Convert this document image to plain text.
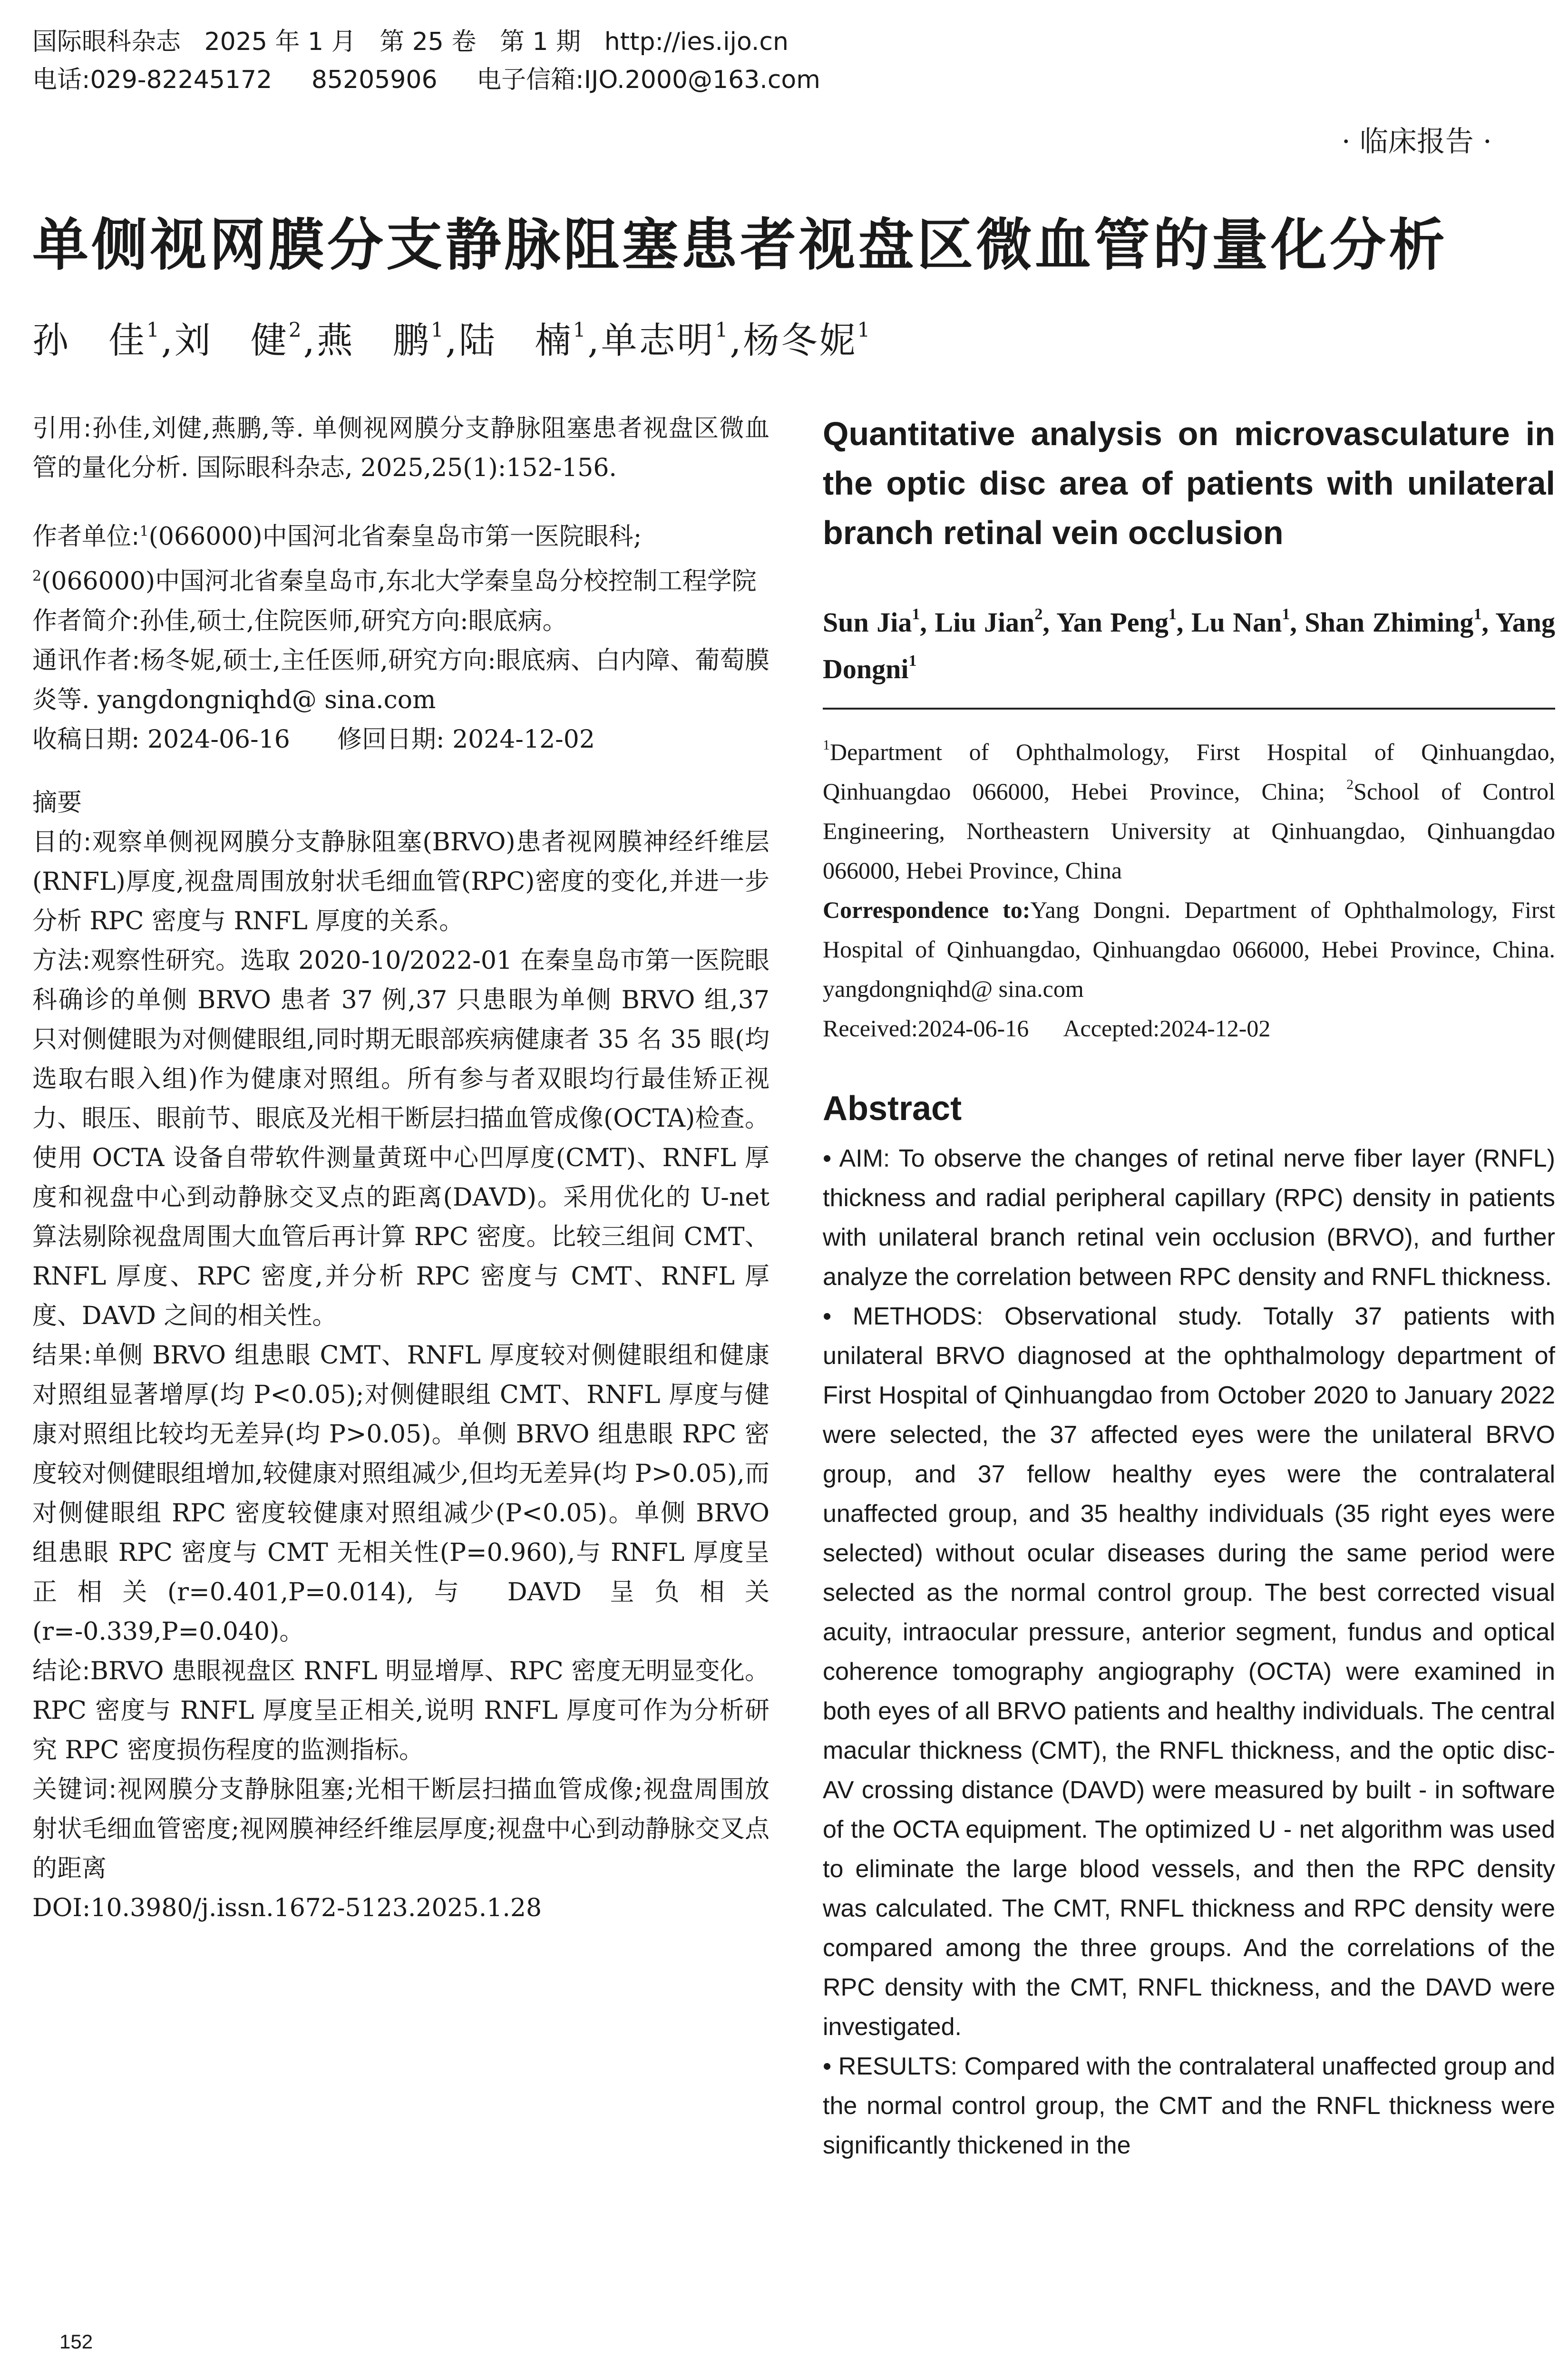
国际眼科杂志   2025 年 1 月   第 25 卷   第 1 期   http://ies.ijo.cn
电话:029-82245172     85205906     电子信箱:IJO.2000@163.com
· 临床报告 ·
单侧视网膜分支静脉阻塞患者视盘区微血管的量化分析
孙　佳$^1$,刘　健$^2$,燕　鹏$^1$,陆　楠$^1$,单志明$^1$,杨冬妮$^1$

引用:孙佳,刘健,燕鹏,等. 单侧视网膜分支静脉阻塞患者视盘区微血管的量化分析. 国际眼科杂志, 2025,25(1):152-156.

作者单位:$^1$(066000)中国河北省秦皇岛市第一医院眼科;
$^2$(066000)中国河北省秦皇岛市,东北大学秦皇岛分校控制工程学院

作者简介:孙佳,硕士,住院医师,研究方向:眼底病。

通讯作者:杨冬妮,硕士,主任医师,研究方向:眼底病、白内障、葡萄膜炎等. yangdongniqhd@ sina.com

收稿日期: 2024-06-16      修回日期: 2024-12-02

摘要

目的:观察单侧视网膜分支静脉阻塞(BRVO)患者视网膜神经纤维层(RNFL)厚度,视盘周围放射状毛细血管(RPC)密度的变化,并进一步分析 RPC 密度与 RNFL 厚度的关系。

方法:观察性研究。选取 2020-10/2022-01 在秦皇岛市第一医院眼科确诊的单侧 BRVO 患者 37 例,37 只患眼为单侧 BRVO 组,37 只对侧健眼为对侧健眼组,同时期无眼部疾病健康者 35 名 35 眼(均选取右眼入组)作为健康对照组。所有参与者双眼均行最佳矫正视力、眼压、眼前节、眼底及光相干断层扫描血管成像(OCTA)检查。使用 OCTA 设备自带软件测量黄斑中心凹厚度(CMT)、RNFL 厚度和视盘中心到动静脉交叉点的距离(DAVD)。采用优化的 U-net 算法剔除视盘周围大血管后再计算 RPC 密度。比较三组间 CMT、RNFL 厚度、RPC 密度,并分析 RPC 密度与 CMT、RNFL 厚度、DAVD 之间的相关性。

结果:单侧 BRVO 组患眼 CMT、RNFL 厚度较对侧健眼组和健康对照组显著增厚(均 P<0.05);对侧健眼组 CMT、RNFL 厚度与健康对照组比较均无差异(均 P>0.05)。单侧 BRVO 组患眼 RPC 密度较对侧健眼组增加,较健康对照组减少,但均无差异(均 P>0.05),而对侧健眼组 RPC 密度较健康对照组减少(P<0.05)。单侧 BRVO 组患眼 RPC 密度与 CMT 无相关性(P=0.960),与 RNFL 厚度呈正相关(r=0.401,P=0.014),与 DAVD 呈负相关(r=-0.339,P=0.040)。

结论:BRVO 患眼视盘区 RNFL 明显增厚、RPC 密度无明显变化。RPC 密度与 RNFL 厚度呈正相关,说明 RNFL 厚度可作为分析研究 RPC 密度损伤程度的监测指标。

关键词:视网膜分支静脉阻塞;光相干断层扫描血管成像;视盘周围放射状毛细血管密度;视网膜神经纤维层厚度;视盘中心到动静脉交叉点的距离

DOI:10.3980/j.issn.1672-5123.2025.1.28

Quantitative analysis on microvasculature in the optic disc area of patients with unilateral branch retinal vein occlusion
Sun Jia$^1$, Liu Jian$^2$, Yan Peng$^1$, Lu Nan$^1$, Shan Zhiming$^1$, Yang Dongni$^1$

$^1$Department of Ophthalmology, First Hospital of Qinhuangdao, Qinhuangdao 066000, Hebei Province, China; $^2$School of Control Engineering, Northeastern University at Qinhuangdao, Qinhuangdao 066000, Hebei Province, China

Correspondence to:Yang Dongni. Department of Ophthalmology, First Hospital of Qinhuangdao, Qinhuangdao 066000, Hebei Province, China. yangdongniqhd@ sina.com

Received:2024-06-16      Accepted:2024-12-02

Abstract

• AIM: To observe the changes of retinal nerve fiber layer (RNFL) thickness and radial peripheral capillary (RPC) density in patients with unilateral branch retinal vein occlusion (BRVO), and further analyze the correlation between RPC density and RNFL thickness.

• METHODS: Observational study. Totally 37 patients with unilateral BRVO diagnosed at the ophthalmology department of First Hospital of Qinhuangdao from October 2020 to January 2022 were selected, the 37 affected eyes were the unilateral BRVO group, and 37 fellow healthy eyes were the contralateral unaffected group, and 35 healthy individuals (35 right eyes were selected) without ocular diseases during the same period were selected as the normal control group. The best corrected visual acuity, intraocular pressure, anterior segment, fundus and optical coherence tomography angiography (OCTA) were examined in both eyes of all BRVO patients and healthy individuals. The central macular thickness (CMT), the RNFL thickness, and the optic disc-AV crossing distance (DAVD) were measured by built - in software of the OCTA equipment. The optimized U - net algorithm was used to eliminate the large blood vessels, and then the RPC density was calculated. The CMT, RNFL thickness and RPC density were compared among the three groups. And the correlations of the RPC density with the CMT, RNFL thickness, and the DAVD were investigated.

• RESULTS: Compared with the contralateral unaffected group and the normal control group, the CMT and the RNFL thickness were significantly thickened in the

152
